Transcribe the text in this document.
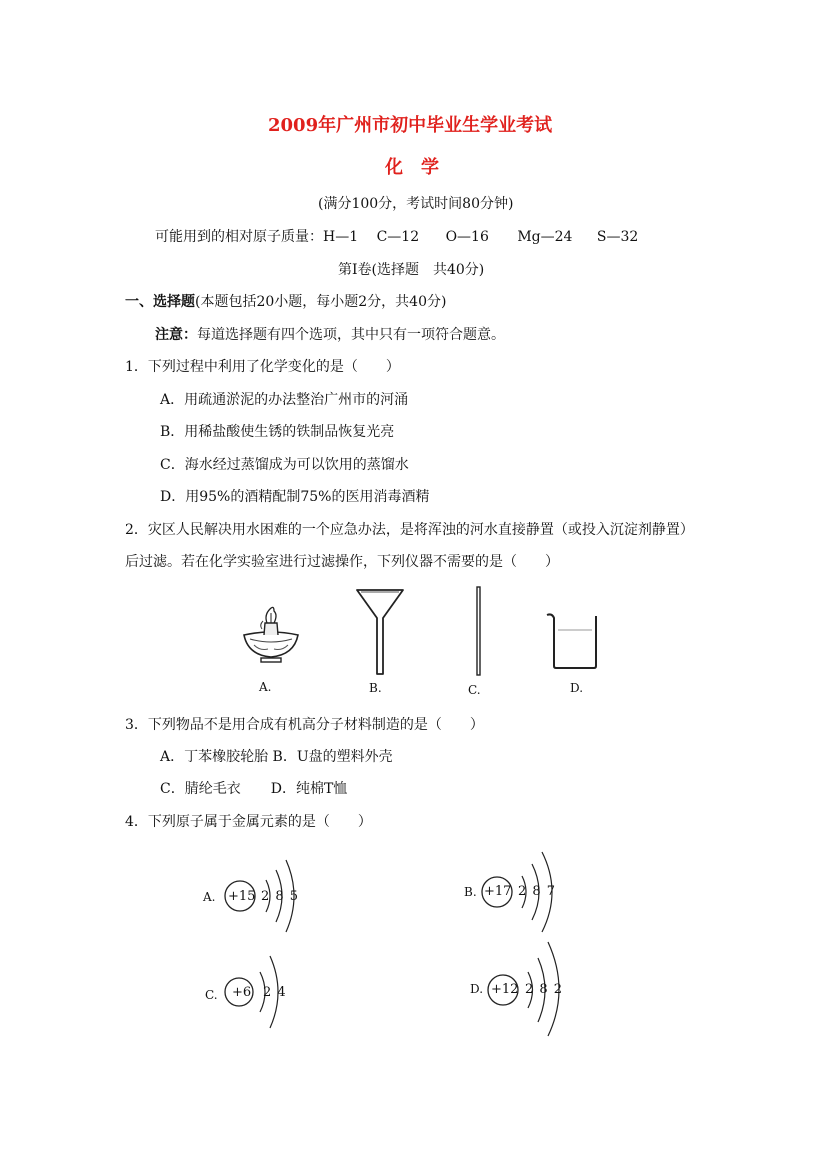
2009年广州市初中毕业生学业考试
化　学
(满分100分，考试时间80分钟)
可能用到的相对原子质量：H—1 C—12 O—16 Mg—24 S—32
第Ⅰ卷(选择题　共40分)
一、选择题(本题包括20小题，每小题2分，共40分)
注意：每道选择题有四个选项，其中只有一项符合题意。
1．下列过程中利用了化学变化的是（　　）
A．用疏通淤泥的办法整治广州市的河涌
B．用稀盐酸使生锈的铁制品恢复光亮
C．海水经过蒸馏成为可以饮用的蒸馏水
D．用95%的酒精配制75%的医用消毒酒精
2．灾区人民解决用水困难的一个应急办法，是将浑浊的河水直接静置（或投入沉淀剂静置）
后过滤。若在化学实验室进行过滤操作，下列仪器不需要的是（　　）
A.	B.	C.	D.
3．下列物品不是用合成有机高分子材料制造的是（　　）
A．丁苯橡胶轮胎 B．U盘的塑料外壳
C．腈纶毛衣 D．纯棉T恤
4．下列原子属于金属元素的是（　　）
A. +15 2 8 5	B. +17 2 8 7
C. +6 2 4	D. +12 2 8 2
